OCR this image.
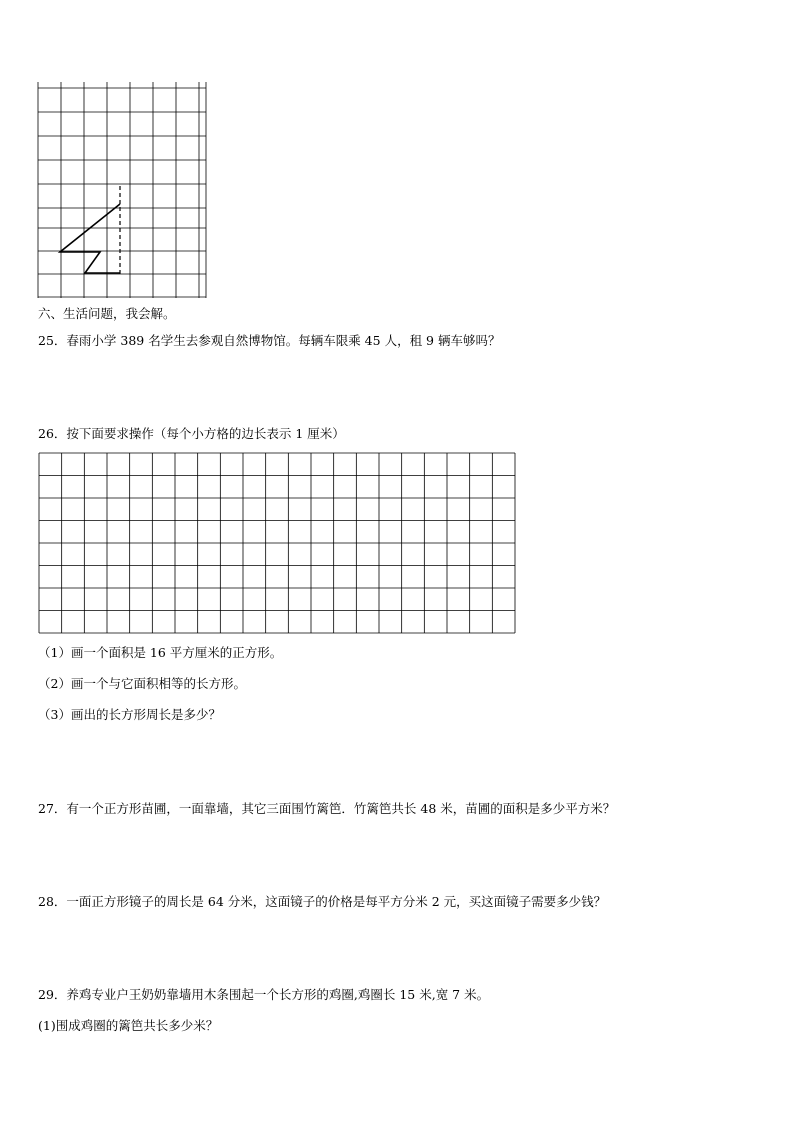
六、生活问题，我会解。
25．春雨小学 389 名学生去参观自然博物馆。每辆车限乘 45 人，租 9 辆车够吗？
26．按下面要求操作（每个小方格的边长表示 1 厘米）
（1）画一个面积是 16 平方厘米的正方形。
（2）画一个与它面积相等的长方形。
（3）画出的长方形周长是多少？
27．有一个正方形苗圃，一面靠墙，其它三面围竹篱笆．竹篱笆共长 48 米，苗圃的面积是多少平方米？
28．一面正方形镜子的周长是 64 分米，这面镜子的价格是每平方分米 2 元，买这面镜子需要多少钱？
29．养鸡专业户王奶奶靠墙用木条围起一个长方形的鸡圈,鸡圈长 15 米,宽 7 米。
(1)围成鸡圈的篱笆共长多少米？
